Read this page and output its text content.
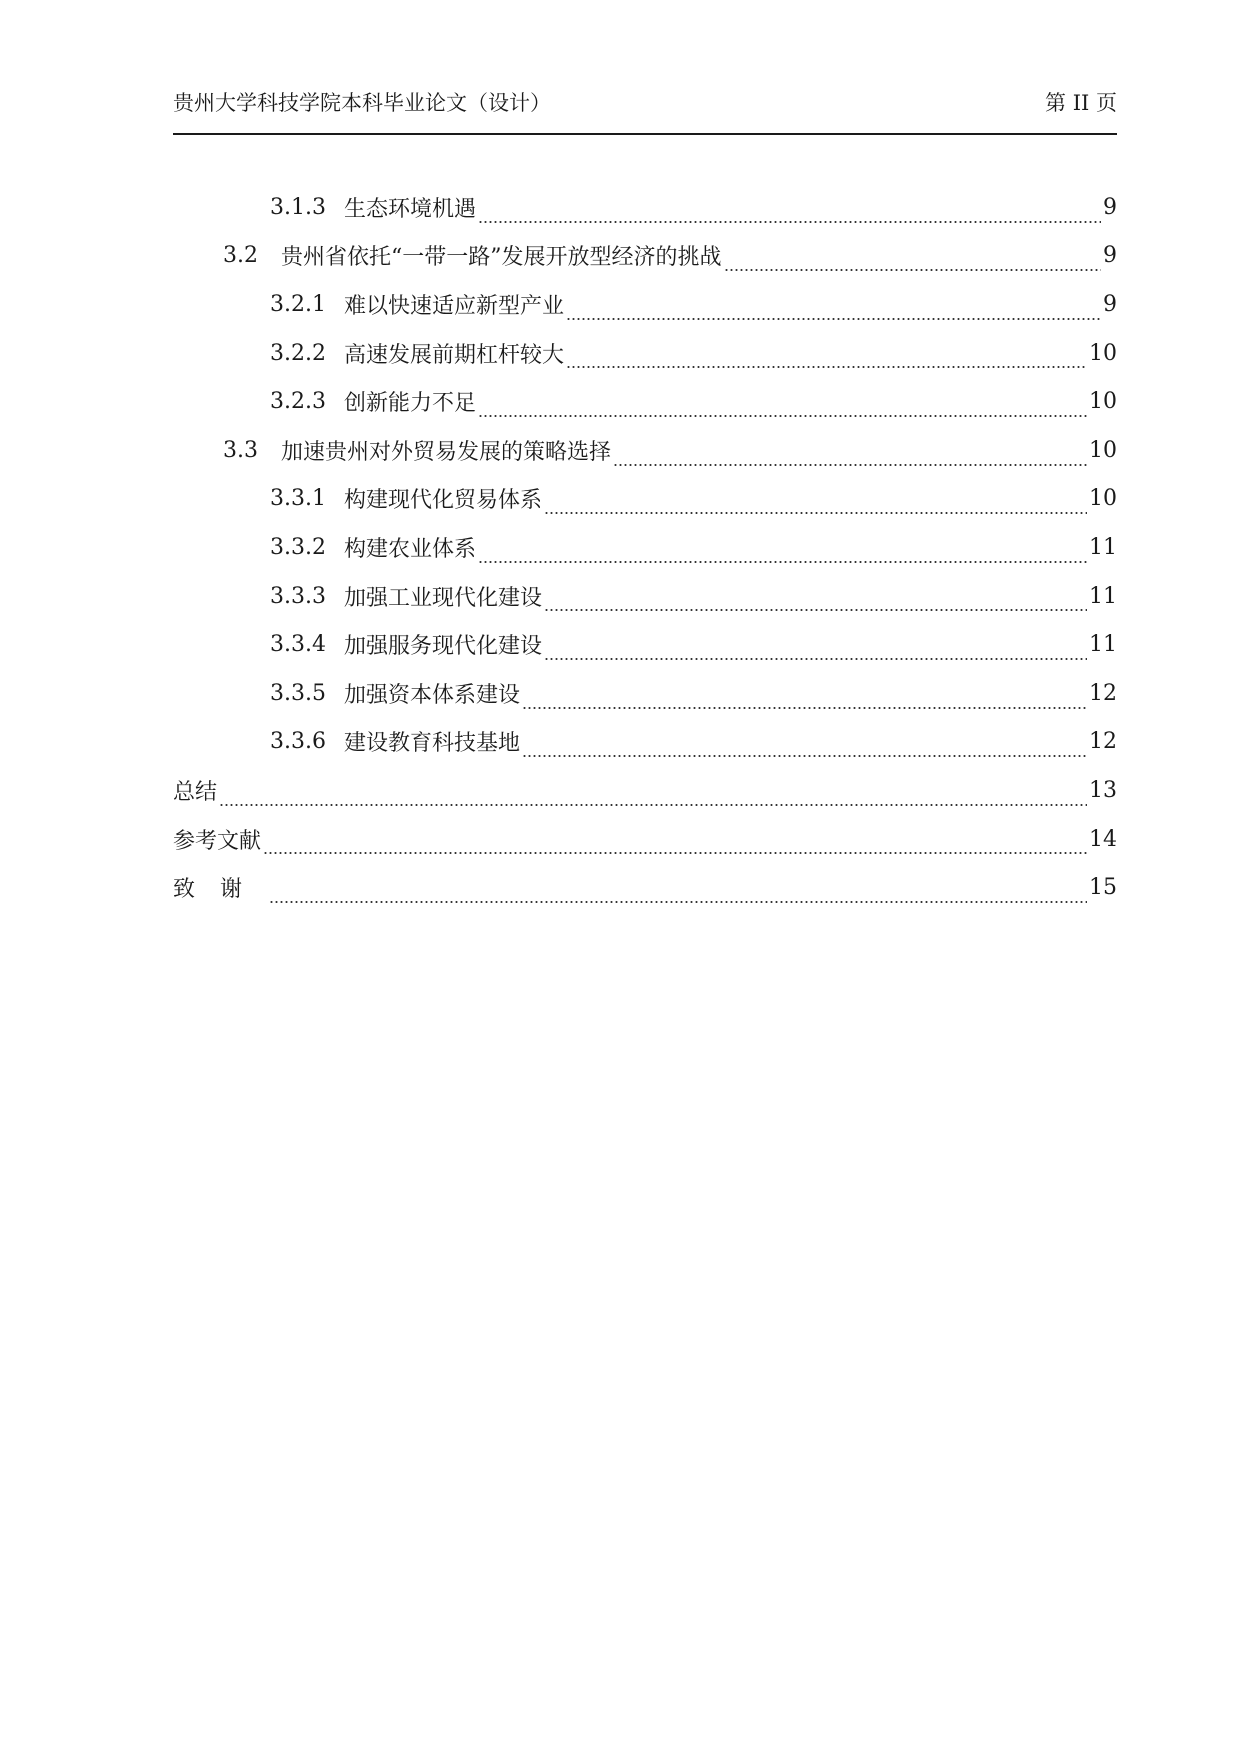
贵州大学科技学院本科毕业论文（设计）	第 II 页
3.1.3 生态环境机遇	9
3.2	贵州省依托“一带一路”发展开放型经济的挑战	9
3.2.1 难以快速适应新型产业	9
3.2.2 高速发展前期杠杆较大	10
3.2.3 创新能力不足	10
3.3	加速贵州对外贸易发展的策略选择	10
3.3.1 构建现代化贸易体系	10
3.3.2 构建农业体系	11
3.3.3 加强工业现代化建设	11
3.3.4 加强服务现代化建设	11
3.3.5 加强资本体系建设	12
3.3.6 建设教育科技基地	12
总结	13
参考文献	14
致谢	15
